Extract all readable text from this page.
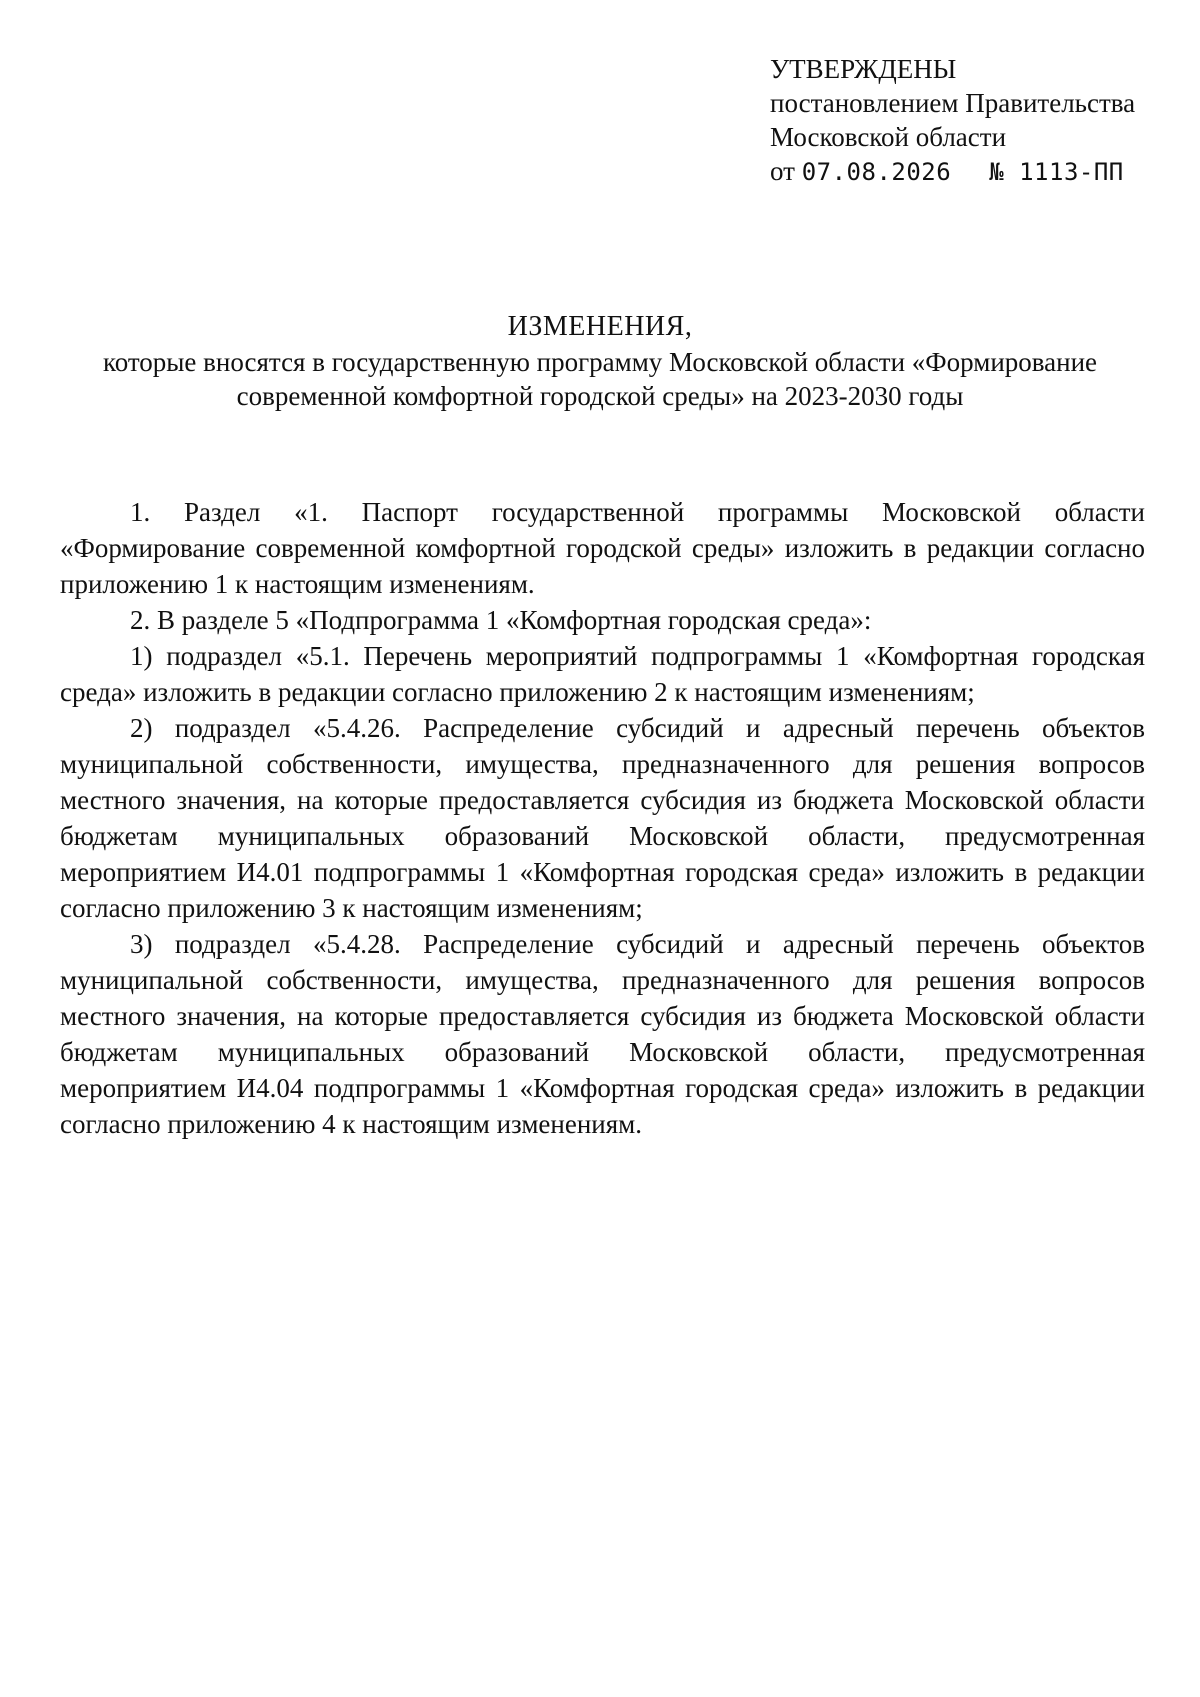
УТВЕРЖДЕНЫ
постановлением Правительства
Московской области
от 07.08.2026 № 1113-ПП
ИЗМЕНЕНИЯ,
которые вносятся в государственную программу Московской области «Формирование современной комфортной городской среды» на 2023-2030 годы

1. Раздел «1. Паспорт государственной программы Московской области «Формирование современной комфортной городской среды» изложить в редакции согласно приложению 1 к настоящим изменениям.

2. В разделе 5 «Подпрограмма 1 «Комфортная городская среда»:

1) подраздел «5.1. Перечень мероприятий подпрограммы 1 «Комфортная городская среда» изложить в редакции согласно приложению 2 к настоящим изменениям;

2) подраздел «5.4.26. Распределение субсидий и адресный перечень объектов муниципальной собственности, имущества, предназначенного для решения вопросов местного значения, на которые предоставляется субсидия из бюджета Московской области бюджетам муниципальных образований Московской области, предусмотренная мероприятием И4.01 подпрограммы 1 «Комфортная городская среда» изложить в редакции согласно приложению 3 к настоящим изменениям;

3) подраздел «5.4.28. Распределение субсидий и адресный перечень объектов муниципальной собственности, имущества, предназначенного для решения вопросов местного значения, на которые предоставляется субсидия из бюджета Московской области бюджетам муниципальных образований Московской области, предусмотренная мероприятием И4.04 подпрограммы 1 «Комфортная городская среда» изложить в редакции согласно приложению 4 к настоящим изменениям.
